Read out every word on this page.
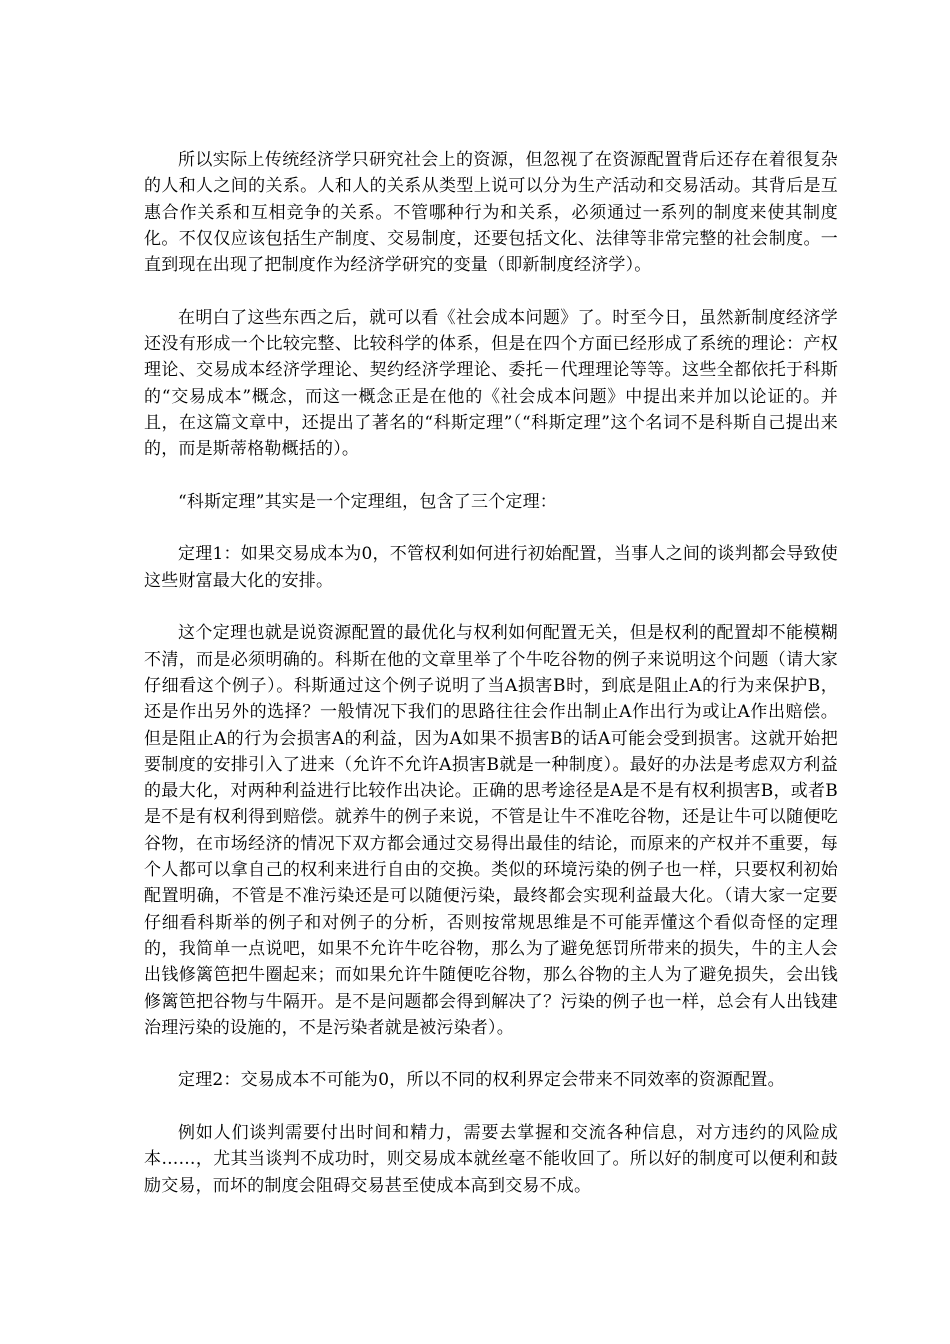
所以实际上传统经济学只研究社会上的资源，但忽视了在资源配置背后还存在着很复杂的人和人之间的关系。人和人的关系从类型上说可以分为生产活动和交易活动。其背后是互惠合作关系和互相竞争的关系。不管哪种行为和关系，必须通过一系列的制度来使其制度化。不仅仅应该包括生产制度、交易制度，还要包括文化、法律等非常完整的社会制度。一直到现在出现了把制度作为经济学研究的变量（即新制度经济学）。

在明白了这些东西之后，就可以看《社会成本问题》了。时至今日，虽然新制度经济学还没有形成一个比较完整、比较科学的体系，但是在四个方面已经形成了系统的理论：产权理论、交易成本经济学理论、契约经济学理论、委托－代理理论等等。这些全都依托于科斯的“交易成本”概念，而这一概念正是在他的《社会成本问题》中提出来并加以论证的。并且，在这篇文章中，还提出了著名的“科斯定理”（“科斯定理”这个名词不是科斯自己提出来的，而是斯蒂格勒概括的）。

“科斯定理”其实是一个定理组，包含了三个定理：

定理1：如果交易成本为0，不管权利如何进行初始配置，当事人之间的谈判都会导致使这些财富最大化的安排。

这个定理也就是说资源配置的最优化与权利如何配置无关，但是权利的配置却不能模糊不清，而是必须明确的。科斯在他的文章里举了个牛吃谷物的例子来说明这个问题（请大家仔细看这个例子）。科斯通过这个例子说明了当A损害B时，到底是阻止A的行为来保护B，还是作出另外的选择？一般情况下我们的思路往往会作出制止A作出行为或让A作出赔偿。但是阻止A的行为会损害A的利益，因为A如果不损害B的话A可能会受到损害。这就开始把要制度的安排引入了进来（允许不允许A损害B就是一种制度）。最好的办法是考虑双方利益的最大化，对两种利益进行比较作出决论。正确的思考途径是A是不是有权利损害B，或者B是不是有权利得到赔偿。就养牛的例子来说，不管是让牛不准吃谷物，还是让牛可以随便吃谷物，在市场经济的情况下双方都会通过交易得出最佳的结论，而原来的产权并不重要，每个人都可以拿自己的权利来进行自由的交换。类似的环境污染的例子也一样，只要权利初始配置明确，不管是不准污染还是可以随便污染，最终都会实现利益最大化。（请大家一定要仔细看科斯举的例子和对例子的分析，否则按常规思维是不可能弄懂这个看似奇怪的定理的，我简单一点说吧，如果不允许牛吃谷物，那么为了避免惩罚所带来的损失，牛的主人会出钱修篱笆把牛圈起来；而如果允许牛随便吃谷物，那么谷物的主人为了避免损失，会出钱修篱笆把谷物与牛隔开。是不是问题都会得到解决了？污染的例子也一样，总会有人出钱建治理污染的设施的，不是污染者就是被污染者）。

定理2：交易成本不可能为0，所以不同的权利界定会带来不同效率的资源配置。

例如人们谈判需要付出时间和精力，需要去掌握和交流各种信息，对方违约的风险成本……，尤其当谈判不成功时，则交易成本就丝毫不能收回了。所以好的制度可以便利和鼓励交易，而坏的制度会阻碍交易甚至使成本高到交易不成。
